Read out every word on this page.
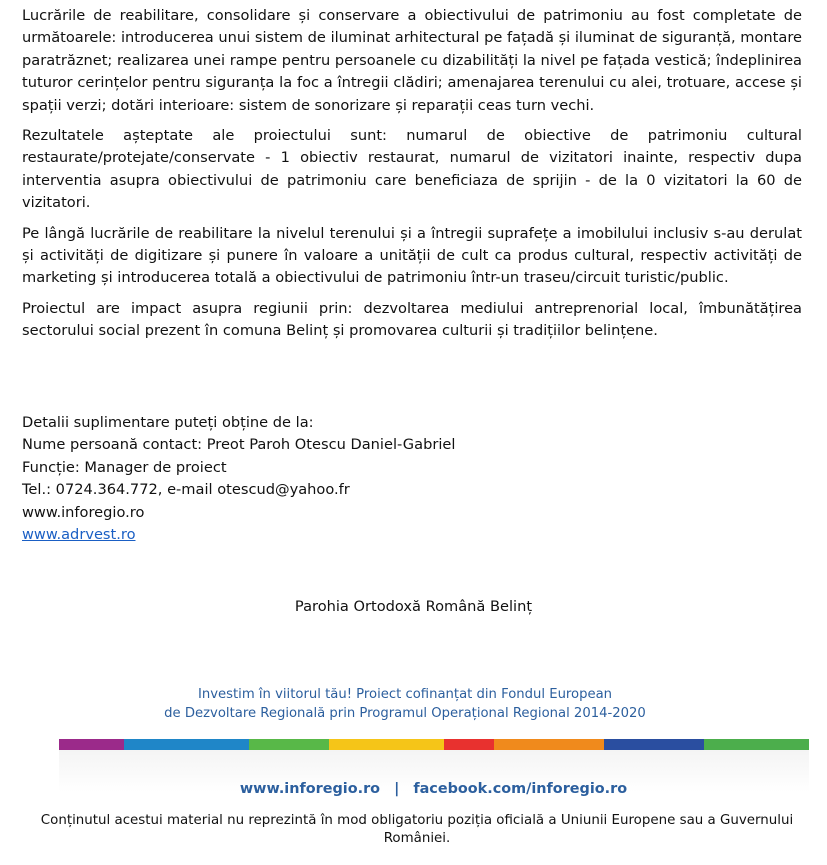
Lucrările de reabilitare, consolidare și conservare a obiectivului de patrimoniu au fost completate de următoarele: introducerea unui sistem de iluminat arhitectural pe fațadă și iluminat de siguranță, montare paratrăznet; realizarea unei rampe pentru persoanele cu dizabilități la nivel pe fațada vestică; îndeplinirea tuturor cerințelor pentru siguranța la foc a întregii clădiri; amenajarea terenului cu alei, trotuare, accese și spații verzi; dotări interioare: sistem de sonorizare și reparații ceas turn vechi.

Rezultatele așteptate ale proiectului sunt: numarul de obiective de patrimoniu cultural restaurate/protejate/conservate - 1 obiectiv restaurat, numarul de vizitatori inainte, respectiv dupa interventia asupra obiectivului de patrimoniu care beneficiaza de sprijin - de la 0 vizitatori la 60 de vizitatori.

Pe lângă lucrările de reabilitare la nivelul terenului și a întregii suprafețe a imobilului inclusiv s-au derulat și activități de digitizare și punere în valoare a unității de cult ca produs cultural, respectiv activități de marketing și introducerea totală a obiectivului de patrimoniu într-un traseu/circuit turistic/public.

Proiectul are impact asupra regiunii prin: dezvoltarea mediului antreprenorial local, îmbunătățirea sectorului social prezent în comuna Belinț și promovarea culturii și tradițiilor belințene.

Detalii suplimentare puteți obține de la:
Nume persoană contact: Preot Paroh Otescu Daniel-Gabriel
Funcție: Manager de proiect
Tel.: 0724.364.772, e-mail otescud@yahoo.fr
www.inforegio.ro
www.adrvest.ro
Parohia Ortodoxă Română Belinț
Investim în viitorul tău! Proiect cofinanțat din Fondul European
de Dezvoltare Regională prin Programul Operațional Regional 2014-2020
www.inforegio.ro | facebook.com/inforegio.ro
Conținutul acestui material nu reprezintă în mod obligatoriu poziția oficială a Uniunii Europene sau a Guvernului României.
